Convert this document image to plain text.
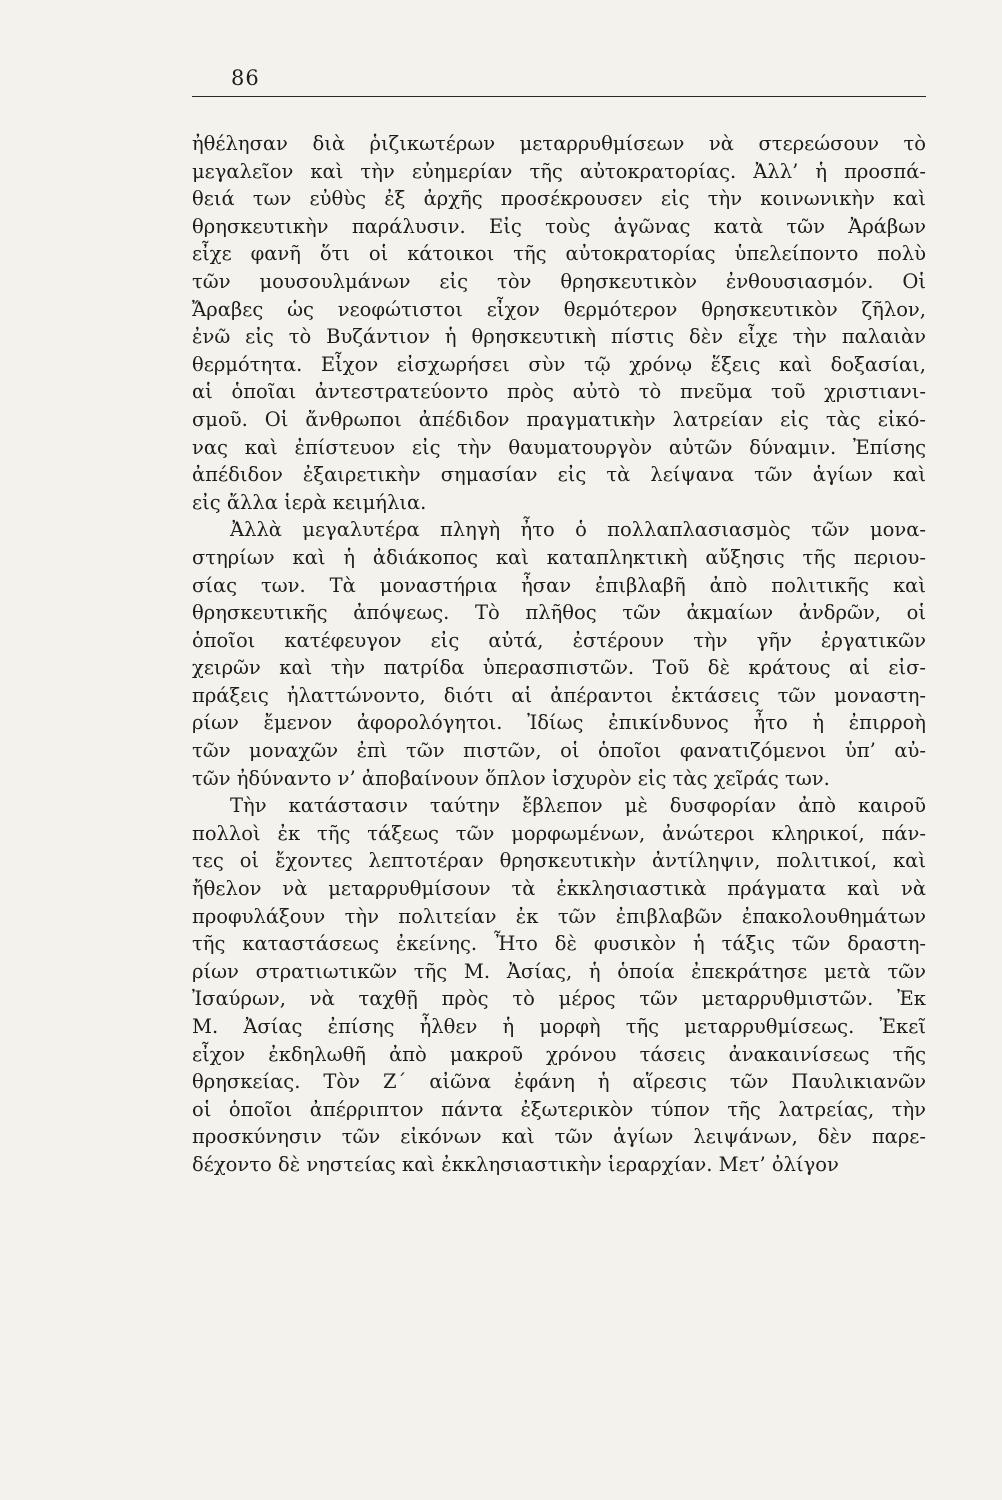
86
ἠθέλησαν διὰ ῥιζικωτέρων μεταρρυθμίσεων νὰ στερεώσουν τὸ
μεγαλεῖον καὶ τὴν εὐημερίαν τῆς αὐτοκρατορίας. Ἀλλ’ ἡ προσπά-
θειά των εὐθὺς ἐξ ἀρχῆς προσέκρουσεν εἰς τὴν κοινωνικὴν καὶ
θρησκευτικὴν παράλυσιν. Εἰς τοὺς ἀγῶνας κατὰ τῶν Ἀράβων
εἶχε φανῆ ὅτι οἱ κάτοικοι τῆς αὐτοκρατορίας ὑπελείποντο πολὺ
τῶν μουσουλμάνων εἰς τὸν θρησκευτικὸν ἐνθουσιασμόν. Οἱ
Ἄραβες ὡς νεοφώτιστοι εἶχον θερμότερον θρησκευτικὸν ζῆλον,
ἐνῶ εἰς τὸ Βυζάντιον ἡ θρησκευτικὴ πίστις δὲν εἶχε τὴν παλαιὰν
θερμότητα. Εἶχον εἰσχωρήσει σὺν τῷ χρόνῳ ἕξεις καὶ δοξασίαι,
αἱ ὁποῖαι ἀντεστρατεύοντο πρὸς αὐτὸ τὸ πνεῦμα τοῦ χριστιανι-
σμοῦ. Οἱ ἄνθρωποι ἀπέδιδον πραγματικὴν λατρείαν εἰς τὰς εἰκό-
νας καὶ ἐπίστευον εἰς τὴν θαυματουργὸν αὐτῶν δύναμιν. Ἐπίσης
ἀπέδιδον ἐξαιρετικὴν σημασίαν εἰς τὰ λείψανα τῶν ἁγίων καὶ
εἰς ἄλλα ἱερὰ κειμήλια.
Ἀλλὰ μεγαλυτέρα πληγὴ ἦτο ὁ πολλαπλασιασμὸς τῶν μονα-
στηρίων καὶ ἡ ἀδιάκοπος καὶ καταπληκτικὴ αὔξησις τῆς περιου-
σίας των. Τὰ μοναστήρια ἦσαν ἐπιβλαβῆ ἀπὸ πολιτικῆς καὶ
θρησκευτικῆς ἀπόψεως. Τὸ πλῆθος τῶν ἀκμαίων ἀνδρῶν, οἱ
ὁποῖοι κατέφευγον εἰς αὐτά, ἐστέρουν τὴν γῆν ἐργατικῶν
χειρῶν καὶ τὴν πατρίδα ὑπερασπιστῶν. Τοῦ δὲ κράτους αἱ εἰσ-
πράξεις ἠλαττώνοντο, διότι αἱ ἀπέραντοι ἐκτάσεις τῶν μοναστη-
ρίων ἔμενον ἀφορολόγητοι. Ἰδίως ἐπικίνδυνος ἦτο ἡ ἐπιρροὴ
τῶν μοναχῶν ἐπὶ τῶν πιστῶν, οἱ ὁποῖοι φανατιζόμενοι ὑπ’ αὐ-
τῶν ἠδύναντο ν’ ἀποβαίνουν ὅπλον ἰσχυρὸν εἰς τὰς χεῖράς των.
Τὴν κατάστασιν ταύτην ἔβλεπον μὲ δυσφορίαν ἀπὸ καιροῦ
πολλοὶ ἐκ τῆς τάξεως τῶν μορφωμένων, ἀνώτεροι κληρικοί, πάν-
τες οἱ ἔχοντες λεπτοτέραν θρησκευτικὴν ἀντίληψιν, πολιτικοί, καὶ
ἤθελον νὰ μεταρρυθμίσουν τὰ ἐκκλησιαστικὰ πράγματα καὶ νὰ
προφυλάξουν τὴν πολιτείαν ἐκ τῶν ἐπιβλαβῶν ἐπακολουθημάτων
τῆς καταστάσεως ἐκείνης. Ἦτο δὲ φυσικὸν ἡ τάξις τῶν δραστη-
ρίων στρατιωτικῶν τῆς Μ. Ἀσίας, ἡ ὁποία ἐπεκράτησε μετὰ τῶν
Ἰσαύρων, νὰ ταχθῇ πρὸς τὸ μέρος τῶν μεταρρυθμιστῶν. Ἐκ
Μ. Ἀσίας ἐπίσης ἦλθεν ἡ μορφὴ τῆς μεταρρυθμίσεως. Ἐκεῖ
εἶχον ἐκδηλωθῆ ἀπὸ μακροῦ χρόνου τάσεις ἀνακαινίσεως τῆς
θρησκείας. Τὸν Ζ΄ αἰῶνα ἐφάνη ἡ αἵρεσις τῶν Παυλικιανῶν
οἱ ὁποῖοι ἀπέρριπτον πάντα ἐξωτερικὸν τύπον τῆς λατρείας, τὴν
προσκύνησιν τῶν εἰκόνων καὶ τῶν ἁγίων λειψάνων, δὲν παρε-
δέχοντο δὲ νηστείας καὶ ἐκκλησιαστικὴν ἱεραρχίαν. Μετ’ ὀλίγον
